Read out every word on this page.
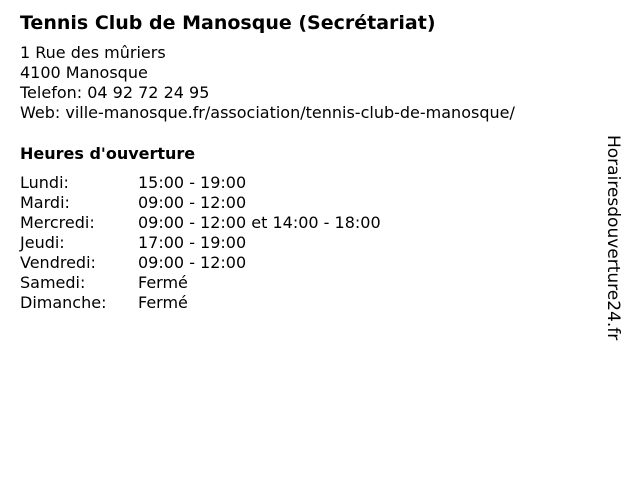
Tennis Club de Manosque (Secrétariat)
1 Rue des mûriers
4100 Manosque
Telefon: 04 92 72 24 95
Web: ville-manosque.fr/association/tennis-club-de-manosque/
Heures d'ouverture
Lundi:	15:00 - 19:00
Mardi:	09:00 - 12:00
Mercredi:	09:00 - 12:00 et 14:00 - 18:00
Jeudi:	17:00 - 19:00
Vendredi:	09:00 - 12:00
Samedi:	Fermé
Dimanche:	Fermé	Horairesdouverture24.fr
